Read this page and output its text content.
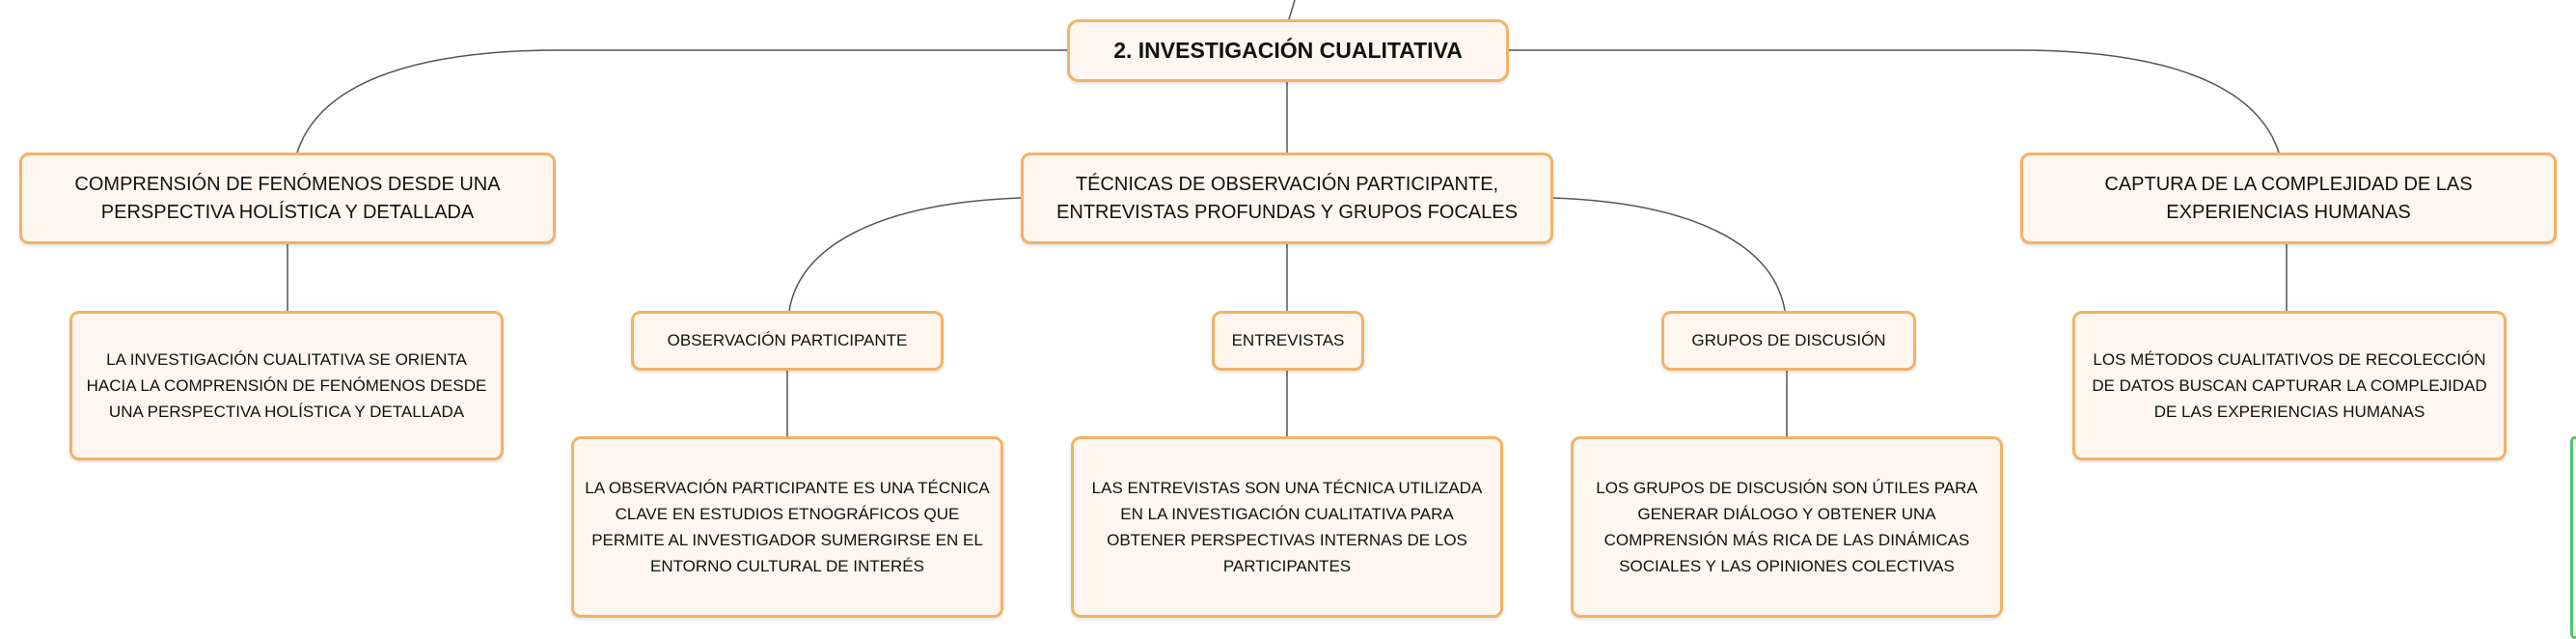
2. INVESTIGACIÓN CUALITATIVA
COMPRENSIÓN DE FENÓMENOS DESDE UNA PERSPECTIVA HOLÍSTICA Y DETALLADA
TÉCNICAS DE OBSERVACIÓN PARTICIPANTE, ENTREVISTAS PROFUNDAS Y GRUPOS FOCALES
CAPTURA DE LA COMPLEJIDAD DE LAS EXPERIENCIAS HUMANAS
OBSERVACIÓN PARTICIPANTE	ENTREVISTAS	GRUPOS DE DISCUSIÓN
LA INVESTIGACIÓN CUALITATIVA SE ORIENTA HACIA LA COMPRENSIÓN DE FENÓMENOS DESDE UNA PERSPECTIVA HOLÍSTICA Y DETALLADA
LA OBSERVACIÓN PARTICIPANTE ES UNA TÉCNICA CLAVE EN ESTUDIOS ETNOGRÁFICOS QUE PERMITE AL INVESTIGADOR SUMERGIRSE EN EL ENTORNO CULTURAL DE INTERÉS
LAS ENTREVISTAS SON UNA TÉCNICA UTILIZADA EN LA INVESTIGACIÓN CUALITATIVA PARA OBTENER PERSPECTIVAS INTERNAS DE LOS PARTICIPANTES
LOS GRUPOS DE DISCUSIÓN SON ÚTILES PARA GENERAR DIÁLOGO Y OBTENER UNA COMPRENSIÓN MÁS RICA DE LAS DINÁMICAS SOCIALES Y LAS OPINIONES COLECTIVAS
LOS MÉTODOS CUALITATIVOS DE RECOLECCIÓN DE DATOS BUSCAN CAPTURAR LA COMPLEJIDAD DE LAS EXPERIENCIAS HUMANAS
